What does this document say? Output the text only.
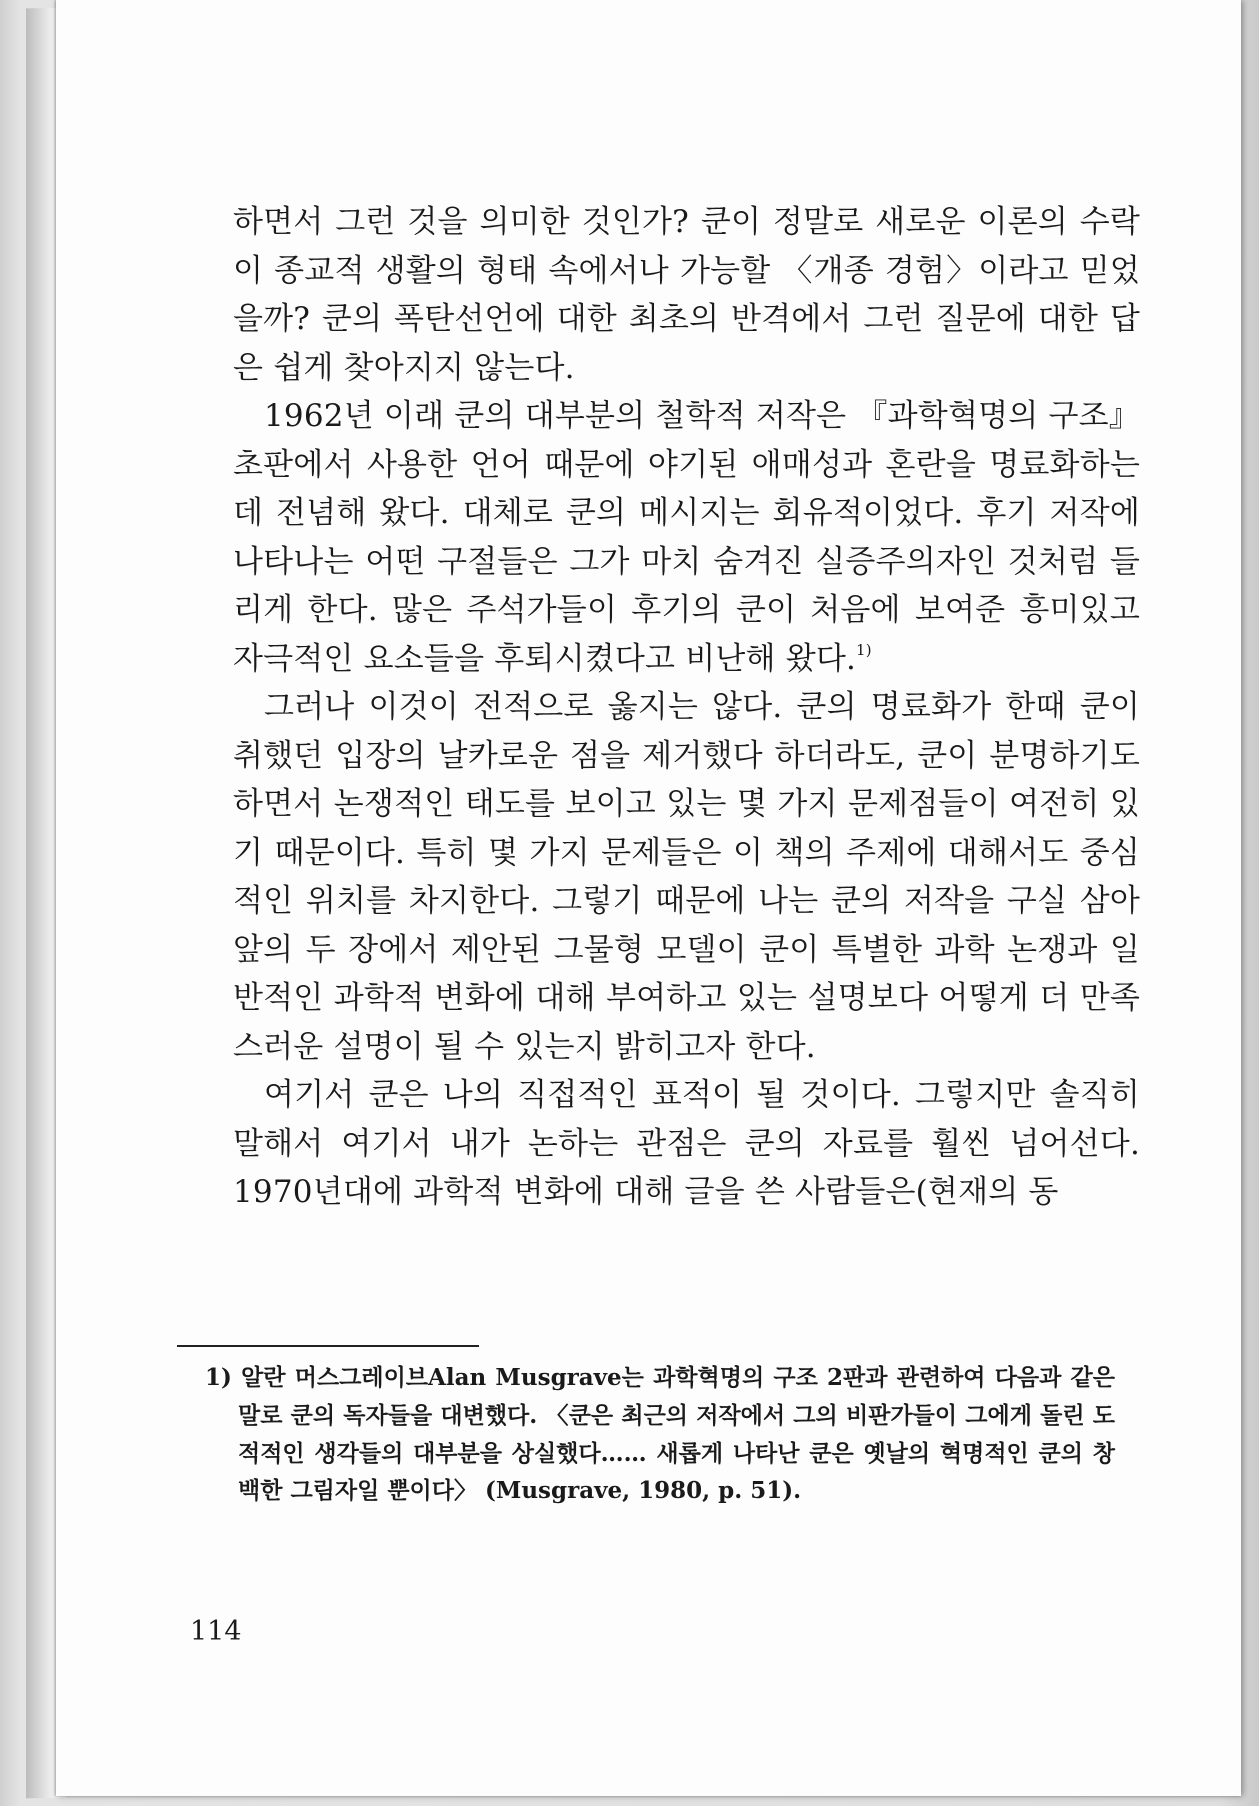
하면서 그런 것을 의미한 것인가? 쿤이 정말로 새로운 이론의 수락이 종교적 생활의 형태 속에서나 가능할 〈개종 경험〉이라고 믿었을까? 쿤의 폭탄선언에 대한 최초의 반격에서 그런 질문에 대한 답은 쉽게 찾아지지 않는다.

1962년 이래 쿤의 대부분의 철학적 저작은 『과학혁명의 구조』 초판에서 사용한 언어 때문에 야기된 애매성과 혼란을 명료화하는 데 전념해 왔다. 대체로 쿤의 메시지는 회유적이었다. 후기 저작에 나타나는 어떤 구절들은 그가 마치 숨겨진 실증주의자인 것처럼 들리게 한다. 많은 주석가들이 후기의 쿤이 처음에 보여준 흥미있고 자극적인 요소들을 후퇴시켰다고 비난해 왔다.$^{1)}$

그러나 이것이 전적으로 옳지는 않다. 쿤의 명료화가 한때 쿤이 취했던 입장의 날카로운 점을 제거했다 하더라도, 쿤이 분명하기도 하면서 논쟁적인 태도를 보이고 있는 몇 가지 문제점들이 여전히 있기 때문이다. 특히 몇 가지 문제들은 이 책의 주제에 대해서도 중심적인 위치를 차지한다. 그렇기 때문에 나는 쿤의 저작을 구실 삼아 앞의 두 장에서 제안된 그물형 모델이 쿤이 특별한 과학 논쟁과 일반적인 과학적 변화에 대해 부여하고 있는 설명보다 어떻게 더 만족스러운 설명이 될 수 있는지 밝히고자 한다.

여기서 쿤은 나의 직접적인 표적이 될 것이다. 그렇지만 솔직히 말해서 여기서 내가 논하는 관점은 쿤의 자료를 훨씬 넘어선다. 1970년대에 과학적 변화에 대해 글을 쓴 사람들은(현재의 동

1) 알란 머스그레이브Alan Musgrave는 과학혁명의 구조 2판과 관련하여 다음과 같은 말로 쿤의 독자들을 대변했다. 〈쿤은 최근의 저작에서 그의 비판가들이 그에게 돌린 도적적인 생각들의 대부분을 상실했다…… 새롭게 나타난 쿤은 옛날의 혁명적인 쿤의 창백한 그림자일 뿐이다〉 (Musgrave, 1980, p. 51).
114
